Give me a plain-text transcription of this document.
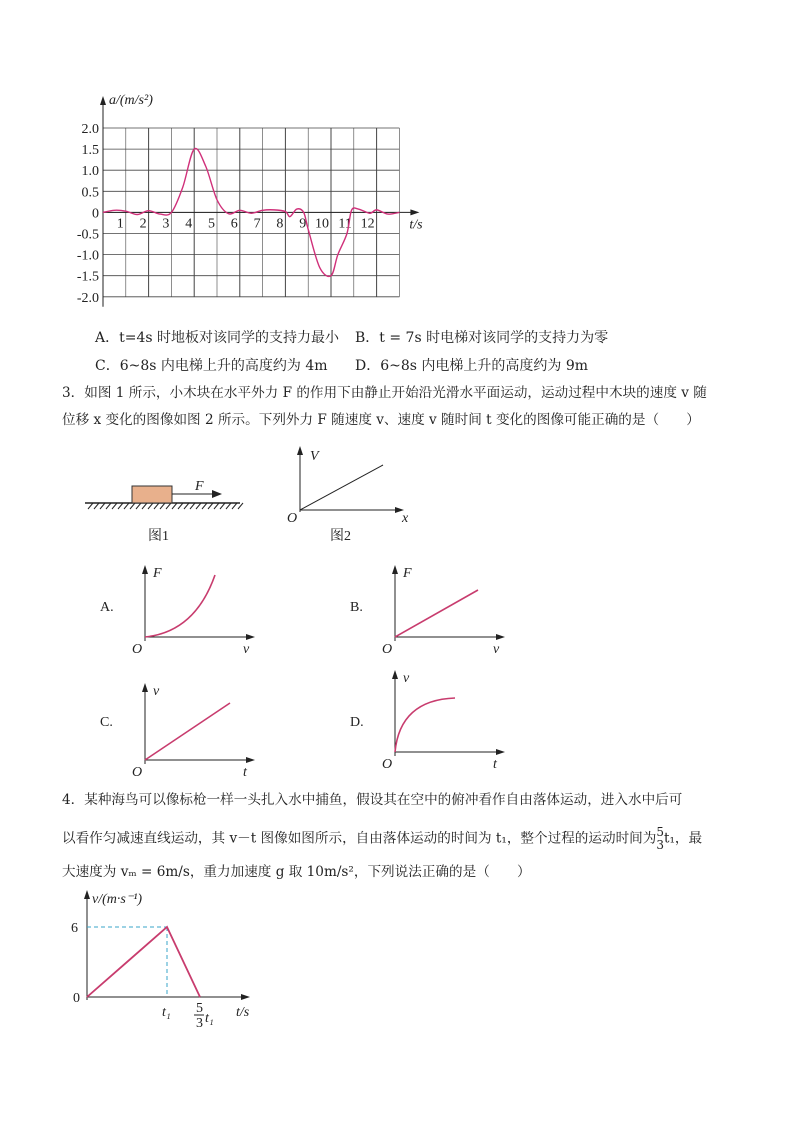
2.0
1.5
1.0
0.5
0
-0.5
-1.0
-1.5
-2.0
1 2 3 4 5 6 7 8 9 10 11 12
a/(m/s²)
t/s
A．t=4s 时地板对该同学的支持力最小 B．t = 7s 时电梯对该同学的支持力为零
C．6~8s 内电梯上升的高度约为 4m D．6~8s 内电梯上升的高度约为 9m
3．如图 1 所示，小木块在水平外力 F 的作用下由静止开始沿光滑水平面运动，运动过程中木块的速度 v 随
位移 x 变化的图像如图 2 所示。下列外力 F 随速度 v、速度 v 随时间 t 变化的图像可能正确的是（　　）
F
图1
V
x
O
图2
A.
F
v
O
B.
F
v
O
C.
v
t
O
D.
v
t
O
4．某种海鸟可以像标枪一样一头扎入水中捕鱼，假设其在空中的俯冲看作自由落体运动，进入水中后可
以看作匀减速直线运动，其 v－t 图像如图所示，自由落体运动的时间为 t₁，整个过程的运动时间为5
3t₁，最
大速度为 vₘ = 6m/s，重力加速度 g 取 10m/s²，下列说法正确的是（　　）
v/(m·s⁻¹)
6
0
t₁ 5
3 t₁ t/s
